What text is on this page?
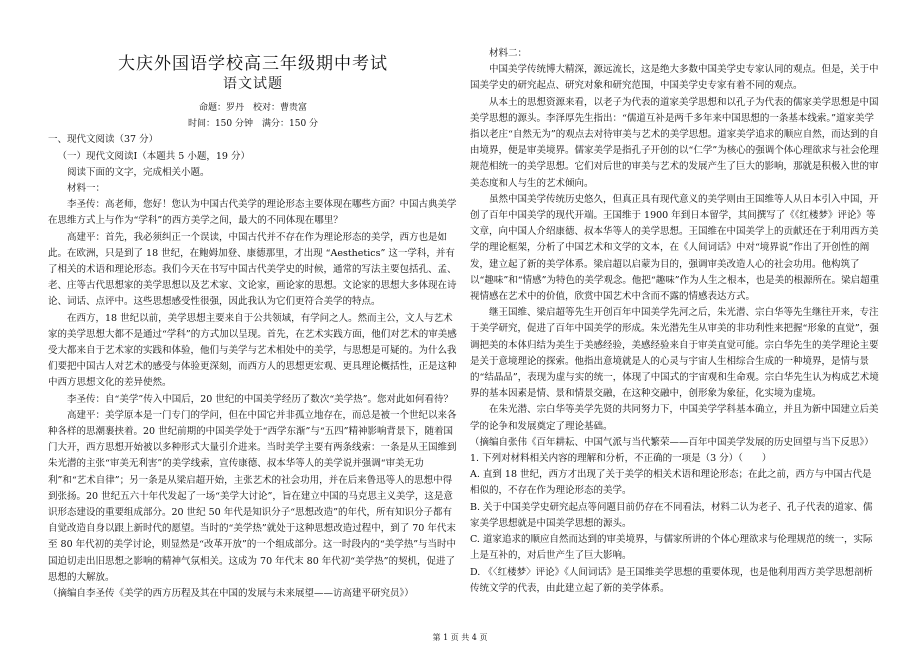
大庆外国语学校高三年级期中考试

语文试题

命题：罗丹　校对：曹贵富

时间：150 分钟　满分：150 分

一、现代文阅读（37 分）

（一）现代文阅读Ⅰ（本题共 5 小题，19 分）

阅读下面的文字，完成相关小题。

材料一：

李圣传：高老师，您好！您认为中国古代美学的理论形态主要体现在哪些方面？中国古典美学在思维方式上与作为“学科”的西方美学之间，最大的不同体现在哪里？

高建平：首先，我必须纠正一个误读，中国古代并不存在作为理论形态的美学，西方也是如此。在欧洲，只是到了 18 世纪，在鲍姆加登、康德那里，才出现 “Aesthetics” 这一学科，并有了相关的术语和理论形态。我们今天在书写中国古代美学史的时候，通常的写法主要包括孔、孟、老、庄等古代思想家的美学思想以及艺术家、文论家，画论家的思想。文论家的思想大多体现在诗论、词话、点评中。这些思想感受性很强，因此我认为它们更符合美学的特点。

在西方，18 世纪以前，美学思想主要来自于公共领域，有学问之人。然而主公，文人与艺术家的美学思想大都不是通过“学科”的方式加以呈现。首先，在艺术实践方面，他们对艺术的审美感受大都来自于艺术家的实践和体验，他们与美学与艺术相处中的美学，与思想是可疑的。为什么我们要把中国古人对艺术的感受与体验更深刻，而西方人的思想更宏观、更具理论概括性，正是这种中西方思想文化的差异使然。

李圣传：自“美学”传入中国后，20 世纪的中国美学经历了数次“美学热”。您对此如何看待？

高建平：美学原本是一门专门的学问，但在中国它并非孤立地存在，而总是被一个世纪以来各种各样的思潮裹挟着。20 世纪前期的中国美学处于“西学东渐”与“五四”精神影响背景下，随着国门大开，西方思想开始被以多种形式大量引介进来。当时美学主要有两条线索：一条是从王国维到朱光潜的主张“审美无利害”的美学线索，宣传康德、叔本华等人的美学说并强调“审美无功利”和“艺术自律”；另一条是从梁启超开始，主张艺术的社会功用，并在后来鲁迅等人的思想中得到张扬。20 世纪五六十年代发起了一场“美学大讨论”，旨在建立中国的马克思主义美学，这是意识形态建设的重要组成部分。20 世纪 50 年代是知识分子“思想改造”的年代，所有知识分子都有自觉改造自身以跟上新时代的愿望。当时的“美学热”就处于这种思想改造过程中，到了 70 年代末至 80 年代初的美学讨论，则显然是“改革开放”的一个组成部分。这一时段内的“美学热”与当时中国迫切走出旧思想之影响的精神气氛相关。这成为 70 年代末 80 年代初“美学热”的契机，促进了思想的大解放。

（摘编自李圣传《美学的西方历程及其在中国的发展与未来展望——访高建平研究员》）

材料二：

中国美学传统博大精深，源远流长，这是绝大多数中国美学史专家认同的观点。但是，关于中国美学史的研究起点、研究对象和研究范围，中国美学史专家有着不同的观点。

从本土的思想资源来看，以老子为代表的道家美学思想和以孔子为代表的儒家美学思想是中国美学思想的源头。李泽厚先生指出：“儒道互补是两千多年来中国思想的一条基本线索。”道家美学指以老庄“自然无为”的观点去对待审美与艺术的美学思想。道家美学追求的顺应自然，而达到的自由境界，便是审美境界。儒家美学是指孔子开创的以“仁学”为核心的强调个体心理欲求与社会伦理规范相统一的美学思想。它们对后世的审美与艺术的发展产生了巨大的影响，那就是积极入世的审美态度和人与生的艺术倾向。

虽然中国美学传统历史悠久，但真正具有现代意义的美学则由王国维等人从日本引入中国，开创了百年中国美学的现代开端。王国维于 1900 年到日本留学，其间撰写了《《红楼梦》评论》等文章，向中国人介绍康德、叔本华等人的美学思想。王国维在中国美学上的贡献还在于利用西方美学的理论框架，分析了中国艺术和文学的文本，在《人间词话》中对“境界说”作出了开创性的阐发，建立起了新的美学体系。梁启超以启蒙为目的，强调审美改造人心的社会功用。他构筑了以“趣味”和“情感”为特色的美学观念。他把“趣味”作为人生之根本，也是美的根源所在。梁启超重视情感在艺术中的价值，欣赏中国艺术中含而不露的情感表达方式。

继王国维、梁启超等先生开创百年中国美学先河之后，朱光潜、宗白华等先生继往开来，专注于美学研究，促进了百年中国美学的形成。朱光潜先生从审美的非功利性来把握“形象的直觉”，强调把美的本体归结为美生于美感经验，美感经验来自于审美直觉可能。宗白华先生的美学理论主要是关于意境理论的探索。他指出意境就是人的心灵与宇宙人生相综合生成的一种境界，是情与景的“结晶品”，表现为虚与实的统一，体现了中国式的宇宙观和生命观。宗白华先生认为构成艺术境界的基本因素是情、景和情景交融，在这种交融中，创形象为象征，化实境为虚境。

在朱光潜、宗白华等美学先贤的共同努力下，中国美学学科基本确立，并且为新中国建立后美学的论争和发展奠定了理论基础。

（摘编自张伟《百年耕耘、中国气派与当代繁荣——百年中国美学发展的历史回望与当下反思》）

1. 下列对材料相关内容的理解和分析，不正确的一项是（3 分）（　　）

A. 直到 18 世纪，西方才出现了关于美学的相关术语和理论形态；在此之前，西方与中国古代是相似的，不存在作为理论形态的美学。

B. 关于中国美学史研究起点等问题目前仍存在不同看法，材料二认为老子、孔子代表的道家、儒家美学思想就是中国美学思想的源头。

C. 道家追求的顺应自然而达到的审美境界，与儒家所讲的个体心理欲求与伦理规范的统一，实际上是互补的，对后世产生了巨大影响。

D. 《〈红楼梦〉评论》《人间词话》是王国维美学思想的重要体现，也是他利用西方美学思想剖析传统文学的代表，由此建立起了新的美学体系。

第 1 页 共 4 页
